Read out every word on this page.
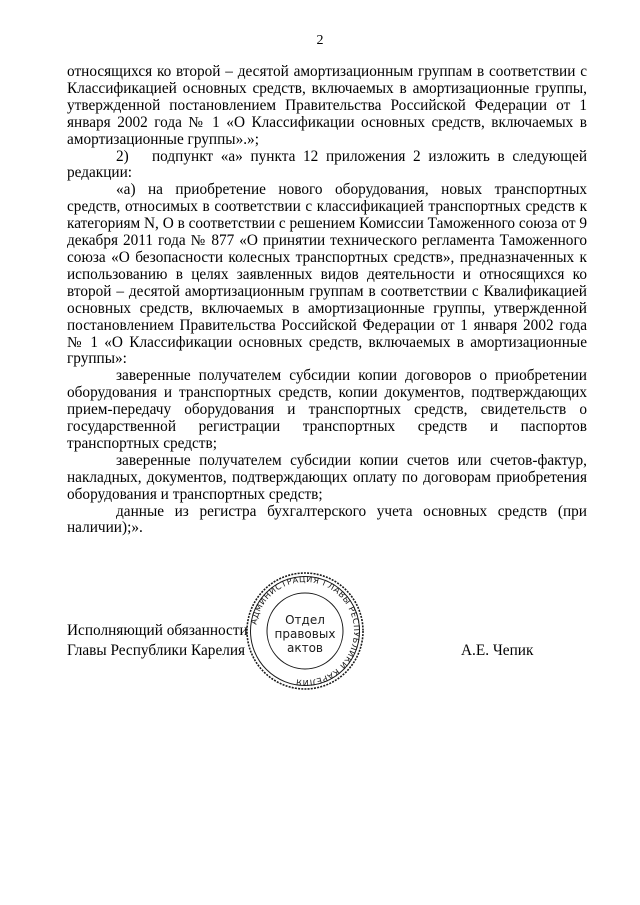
2

относящихся ко второй – десятой амортизационным группам в соответствии с Классификацией основных средств, включаемых в амортизационные группы, утвержденной постановлением Правительства Российской Федерации от 1 января 2002 года № 1 «О Классификации основных средств, включаемых в амортизационные группы».»;

2) подпункт «а» пункта 12 приложения 2 изложить в следующей редакции:

«а) на приобретение нового оборудования, новых транспортных средств, относимых в соответствии с классификацией транспортных средств к категориям N, O в соответствии с решением Комиссии Таможенного союза от 9 декабря 2011 года № 877 «О принятии технического регламента Таможенного союза «О безопасности колесных транспортных средств», предназначенных к использованию в целях заявленных видов деятельности и относящихся ко второй – десятой амортизационным группам в соответствии с Квалификацией основных средств, включаемых в амортизационные группы, утвержденной постановлением Правительства Российской Федерации от 1 января 2002 года № 1 «О Классификации основных средств, включаемых в амортизационные группы»:

заверенные получателем субсидии копии договоров о приобретении оборудования и транспортных средств, копии документов, подтверждающих прием-передачу оборудования и транспортных средств, свидетельств о государственной регистрации транспортных средств и паспортов транспортных средств;

заверенные получателем субсидии копии счетов или счетов-фактур, накладных, документов, подтверждающих оплату по договорам приобретения оборудования и транспортных средств;

данные из регистра бухгалтерского учета основных средств (при наличии);».

Исполняющий обязанности
Главы Республики Карелия	А.Е. Чепик
АДМИНИСТРАЦИЯ ГЛАВЫ РЕСПУБЛИКИ КАРЕЛИЯ
Отдел
правовых
актов
